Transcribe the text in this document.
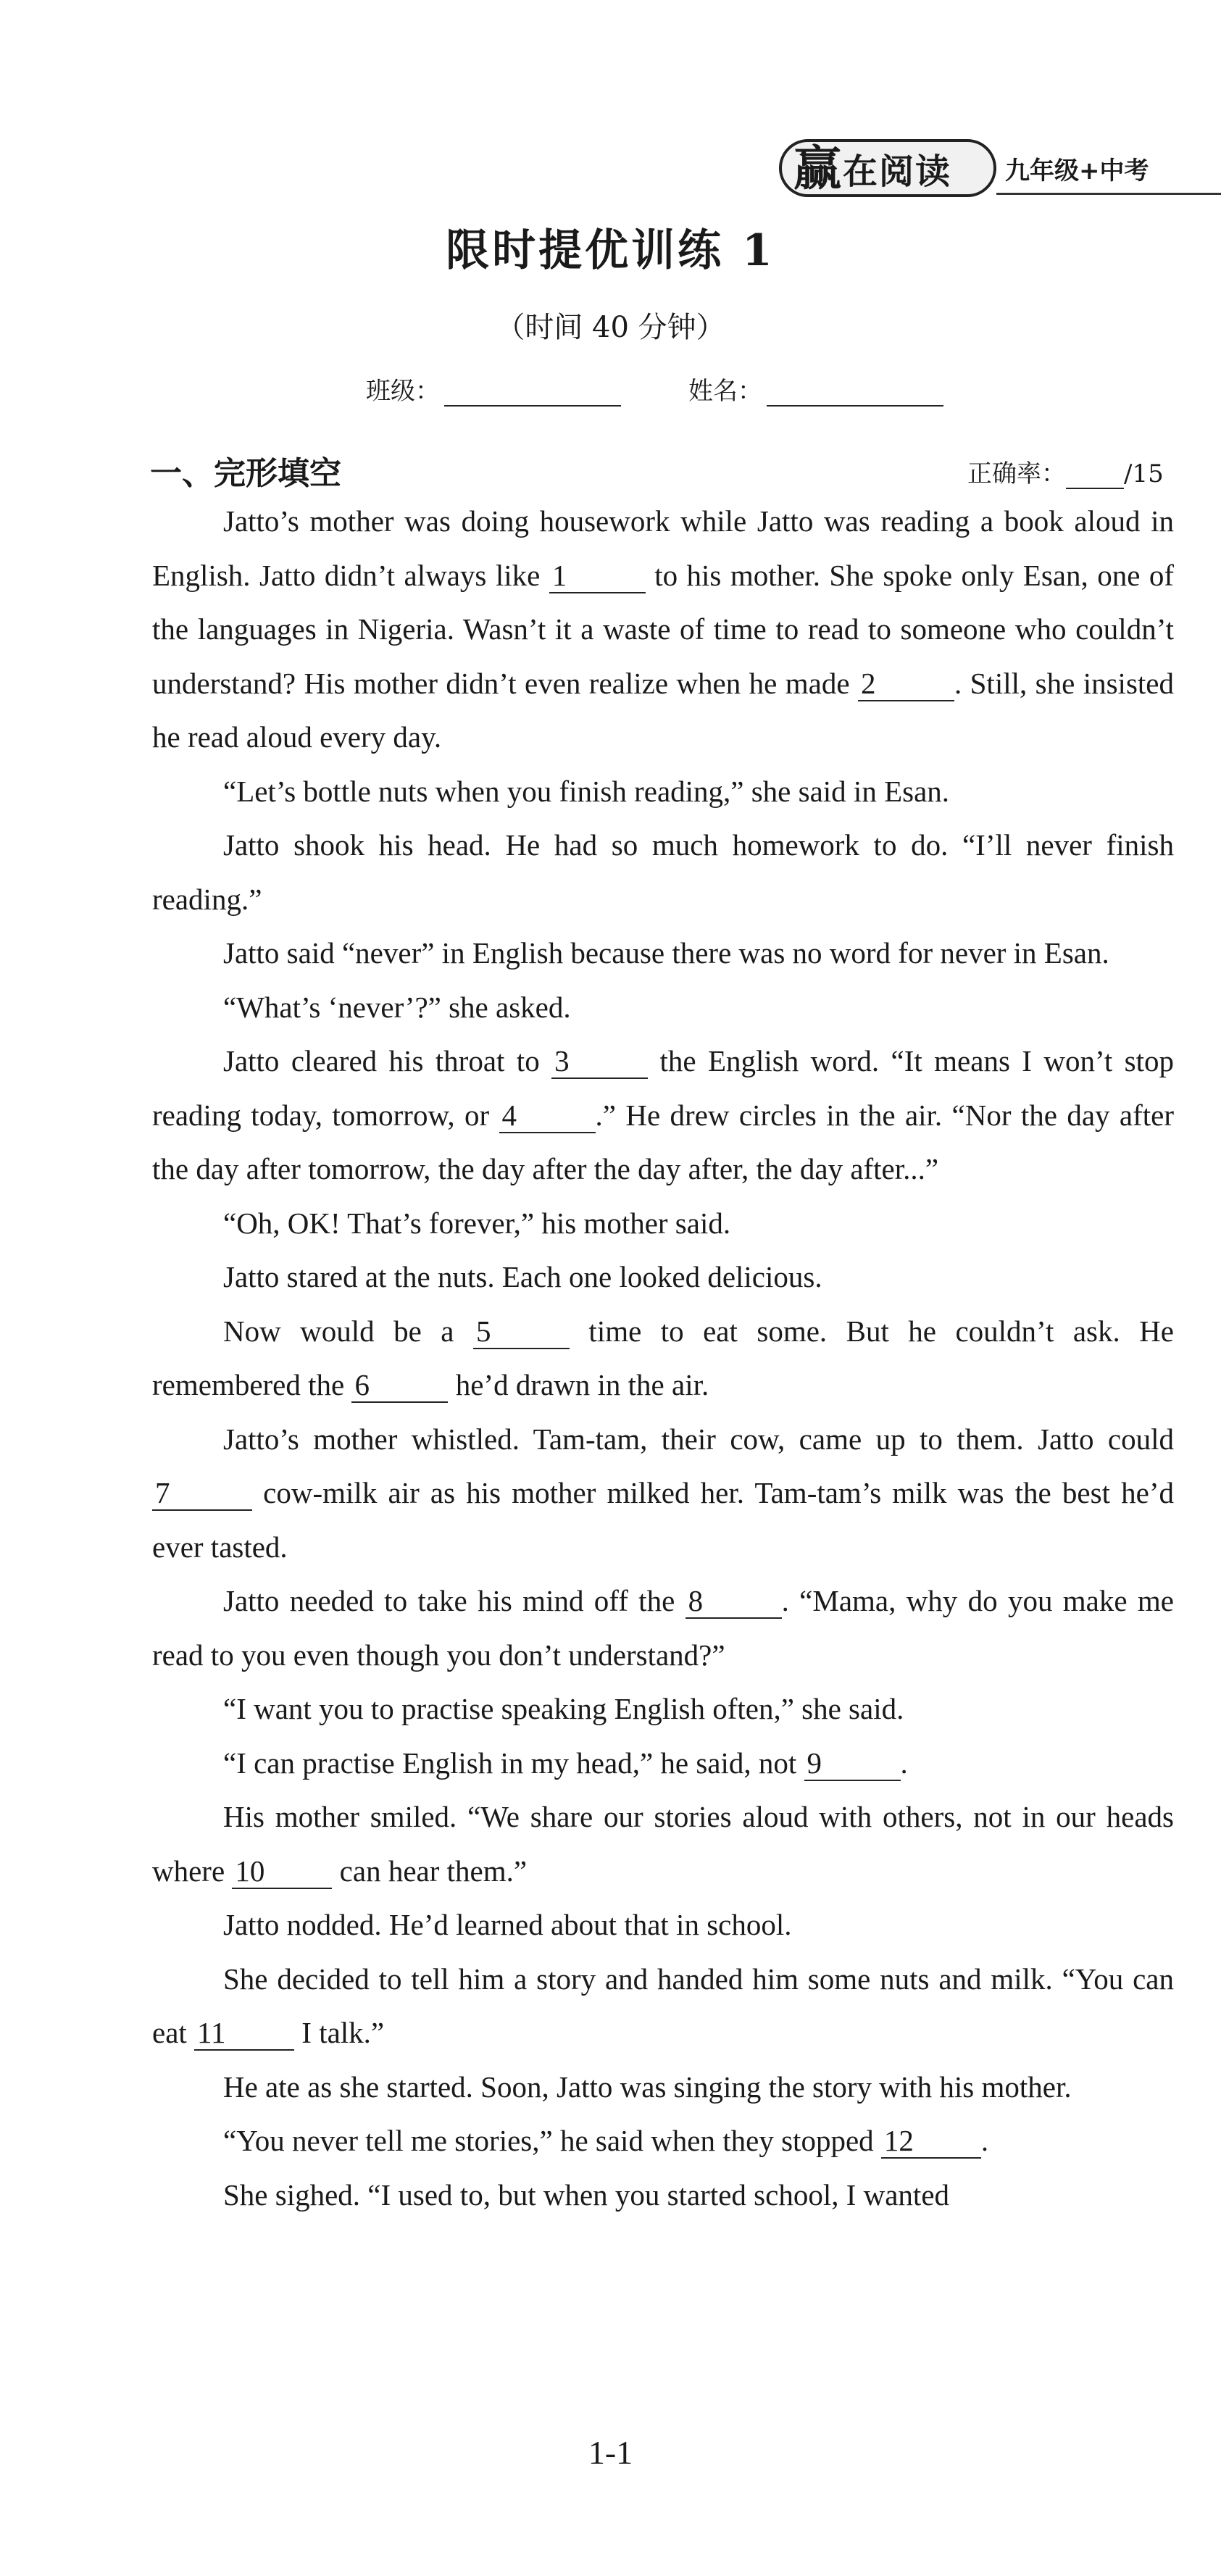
赢 在阅读 九年级+中考
限时提优训练 1
（时间 40 分钟）
班级：	姓名：
一、完形填空	正确率： /15

Jatto’s mother was doing housework while Jatto was reading a book aloud in English. Jatto didn’t always like 1	to his mother. She spoke only Esan, one of the languages in Nigeria. Wasn’t it a waste of time to read to someone who couldn’t understand? His mother didn’t even realize when he made 2	. Still, she insisted he read aloud every day.

“Let’s bottle nuts when you finish reading,” she said in Esan.

Jatto shook his head. He had so much homework to do. “I’ll never finish reading.”

Jatto said “never” in English because there was no word for never in Esan.

“What’s ‘never’?” she asked.

Jatto cleared his throat to 3	the English word. “It means I won’t stop reading today, tomorrow, or 4	.” He drew circles in the air. “Nor the day after the day after tomorrow, the day after the day after, the day after...”

“Oh, OK! That’s forever,” his mother said.

Jatto stared at the nuts. Each one looked delicious.

Now would be a 5	time to eat some. But he couldn’t ask. He remembered the 6	he’d drawn in the air.

Jatto’s mother whistled. Tam-tam, their cow, came up to them. Jatto could 7	cow-milk air as his mother milked her. Tam-tam’s milk was the best he’d ever tasted.

Jatto needed to take his mind off the 8	. “Mama, why do you make me read to you even though you don’t understand?”

“I want you to practise speaking English often,” she said.

“I can practise English in my head,” he said, not 9	.

His mother smiled. “We share our stories aloud with others, not in our heads where 10 can hear them.”

Jatto nodded. He’d learned about that in school.

She decided to tell him a story and handed him some nuts and milk. “You can eat 11 I talk.”

He ate as she started. Soon, Jatto was singing the story with his mother.

“You never tell me stories,” he said when they stopped 12 .

She sighed. “I used to, but when you started school, I wanted

1-1
